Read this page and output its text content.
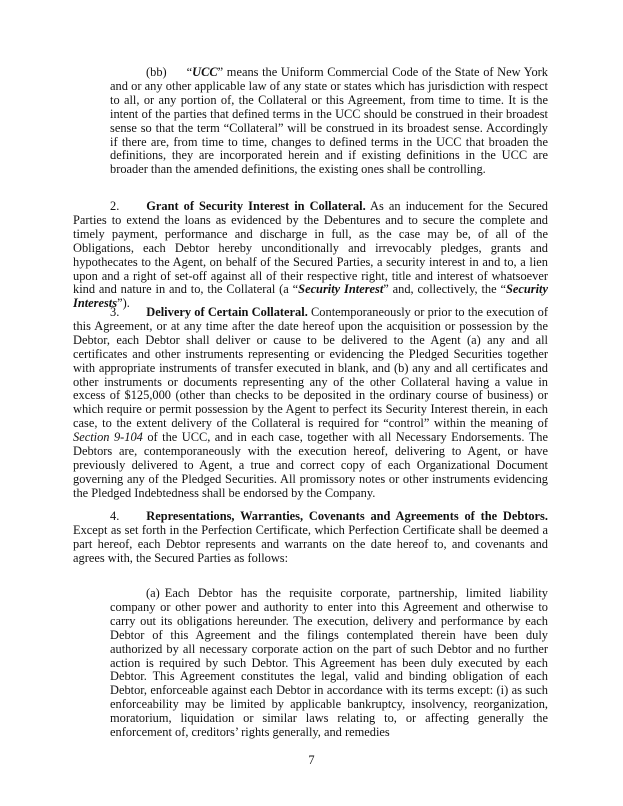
(bb) “UCC” means the Uniform Commercial Code of the State of New York and or any other applicable law of any state or states which has jurisdiction with respect to all, or any portion of, the Collateral or this Agreement, from time to time. It is the intent of the parties that defined terms in the UCC should be construed in their broadest sense so that the term “Collateral” will be construed in its broadest sense. Accordingly if there are, from time to time, changes to defined terms in the UCC that broaden the definitions, they are incorporated herein and if existing definitions in the UCC are broader than the amended definitions, the existing ones shall be controlling.

2. Grant of Security Interest in Collateral. As an inducement for the Secured Parties to extend the loans as evidenced by the Debentures and to secure the complete and timely payment, performance and discharge in full, as the case may be, of all of the Obligations, each Debtor hereby unconditionally and irrevocably pledges, grants and hypothecates to the Agent, on behalf of the Secured Parties, a security interest in and to, a lien upon and a right of set-off against all of their respective right, title and interest of whatsoever kind and nature in and to, the Collateral (a “Security Interest” and, collectively, the “Security Interests”).

3. Delivery of Certain Collateral. Contemporaneously or prior to the execution of this Agreement, or at any time after the date hereof upon the acquisition or possession by the Debtor, each Debtor shall deliver or cause to be delivered to the Agent (a) any and all certificates and other instruments representing or evidencing the Pledged Securities together with appropriate instruments of transfer executed in blank, and (b) any and all certificates and other instruments or documents representing any of the other Collateral having a value in excess of $125,000 (other than checks to be deposited in the ordinary course of business) or which require or permit possession by the Agent to perfect its Security Interest therein, in each case, to the extent delivery of the Collateral is required for “control” within the meaning of Section 9-104 of the UCC, and in each case, together with all Necessary Endorsements. The Debtors are, contemporaneously with the execution hereof, delivering to Agent, or have previously delivered to Agent, a true and correct copy of each Organizational Document governing any of the Pledged Securities. All promissory notes or other instruments evidencing the Pledged Indebtedness shall be endorsed by the Company.

4. Representations, Warranties, Covenants and Agreements of the Debtors. Except as set forth in the Perfection Certificate, which Perfection Certificate shall be deemed a part hereof, each Debtor represents and warrants on the date hereof to, and covenants and agrees with, the Secured Parties as follows:

(a) Each Debtor has the requisite corporate, partnership, limited liability company or other power and authority to enter into this Agreement and otherwise to carry out its obligations hereunder. The execution, delivery and performance by each Debtor of this Agreement and the filings contemplated therein have been duly authorized by all necessary corporate action on the part of such Debtor and no further action is required by such Debtor. This Agreement has been duly executed by each Debtor. This Agreement constitutes the legal, valid and binding obligation of each Debtor, enforceable against each Debtor in accordance with its terms except: (i) as such enforceability may be limited by applicable bankruptcy, insolvency, reorganization, moratorium, liquidation or similar laws relating to, or affecting generally the enforcement of, creditors’ rights generally, and remedies

7
